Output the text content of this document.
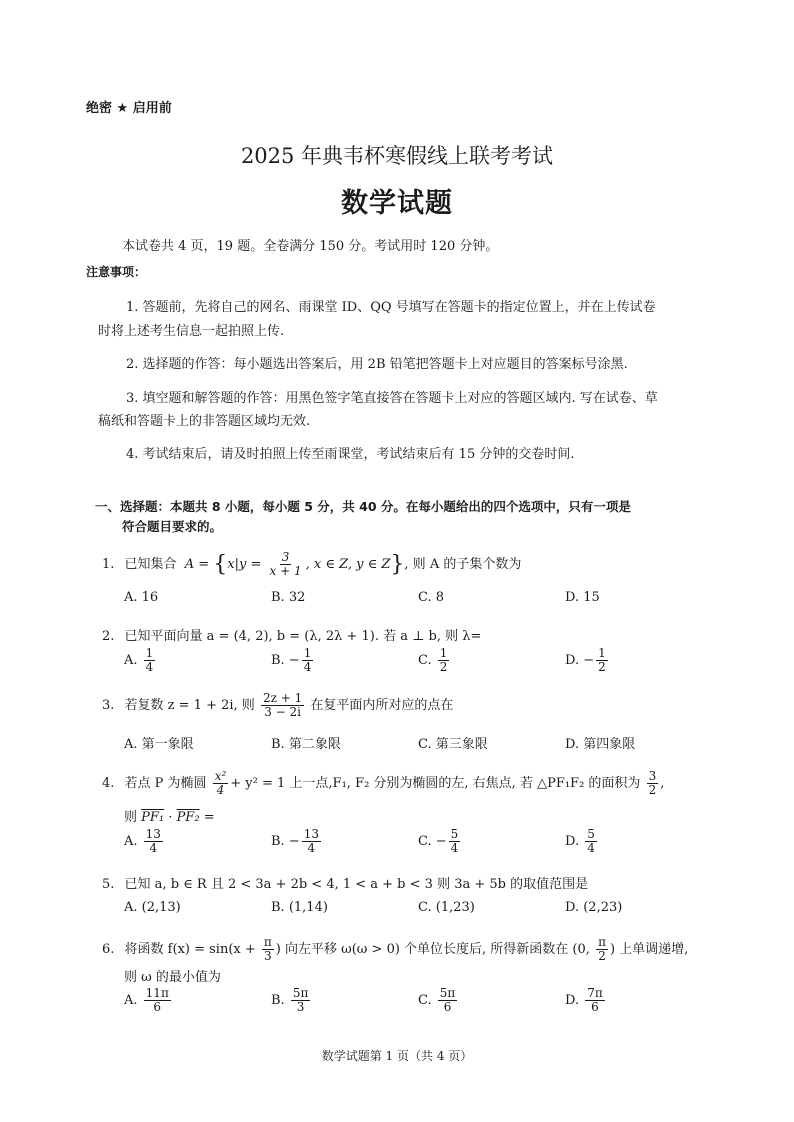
绝密 ★ 启用前
2025 年典韦杯寒假线上联考考试
数学试题
本试卷共 4 页，19 题。全卷满分 150 分。考试用时 120 分钟。
注意事项：
1. 答题前，先将自己的网名、雨课堂 ID、QQ 号填写在答题卡的指定位置上，并在上传试卷
时将上述考生信息一起拍照上传.
2. 选择题的作答：每小题选出答案后，用 2B 铅笔把答题卡上对应题目的答案标号涂黑.
3. 填空题和解答题的作答：用黑色签字笔直接答在答题卡上对应的答题区域内. 写在试卷、草
稿纸和答题卡上的非答题区域均无效.
4. 考试结束后，请及时拍照上传至雨课堂，考试结束后有 15 分钟的交卷时间.
一、选择题：本题共 8 小题，每小题 5 分，共 40 分。在每小题给出的四个选项中，只有一项是
符合题目要求的。
1. 已知集合 $A = \{x|y = \frac{3}{x + 1}$ , x ∈ Z, y ∈ Z}, 则 A 的子集个数为
A. 16	B. 32	C. 8	D. 15
2. 已知平面向量 a = (4, 2), b = (λ, 2λ + 1). 若 a ⊥ b, 则 λ=
A. $\frac{1}{4}$	B. − $\frac{1}{4}$	C. $\frac{1}{2}$	D. − $\frac{1}{2}$
3. 若复数 z = 1 + 2i, 则 $\frac{2z + 1}{3 - 2i}$ 在复平面内所对应的点在
A. 第一象限	B. 第二象限	C. 第三象限	D. 第四象限
4. 若点 P 为椭圆 $\frac{\text{x²}}{4} + y^2 = 1$ 上一点,F₁, F₂ 分别为椭圆的左, 右焦点, 若 △PF₁F₂ 的面积为 $\frac{3}{2}$ ,
则 PF₁ · PF₂ =
A. $\frac{13}{4}$	B. − $\frac{13}{4}$	C. − $\frac{5}{4}$	D. $\frac{5}{4}$
5. 已知 a, b ∈ R 且 2 < 3a + 2b < 4, 1 < a + b < 3 则 3a + 5b 的取值范围是
A. (2,13)	B. (1,14)	C. (1,23)	D. (2,23)
6. 将函数 $f(x) = \sin(x + \frac{\pi}{3}$ ) 向左平移 ω(ω > 0) 个单位长度后, 所得新函数在 (0, $\frac{\pi}{2}$ ) 上单调递增,
则 ω 的最小值为
A. $\frac{11\pi}{6}$	B. $\frac{5\pi}{3}$	C. $\frac{5\pi}{6}$	D. $\frac{7\pi}{6}$
数学试题第 1 页（共 4 页）
